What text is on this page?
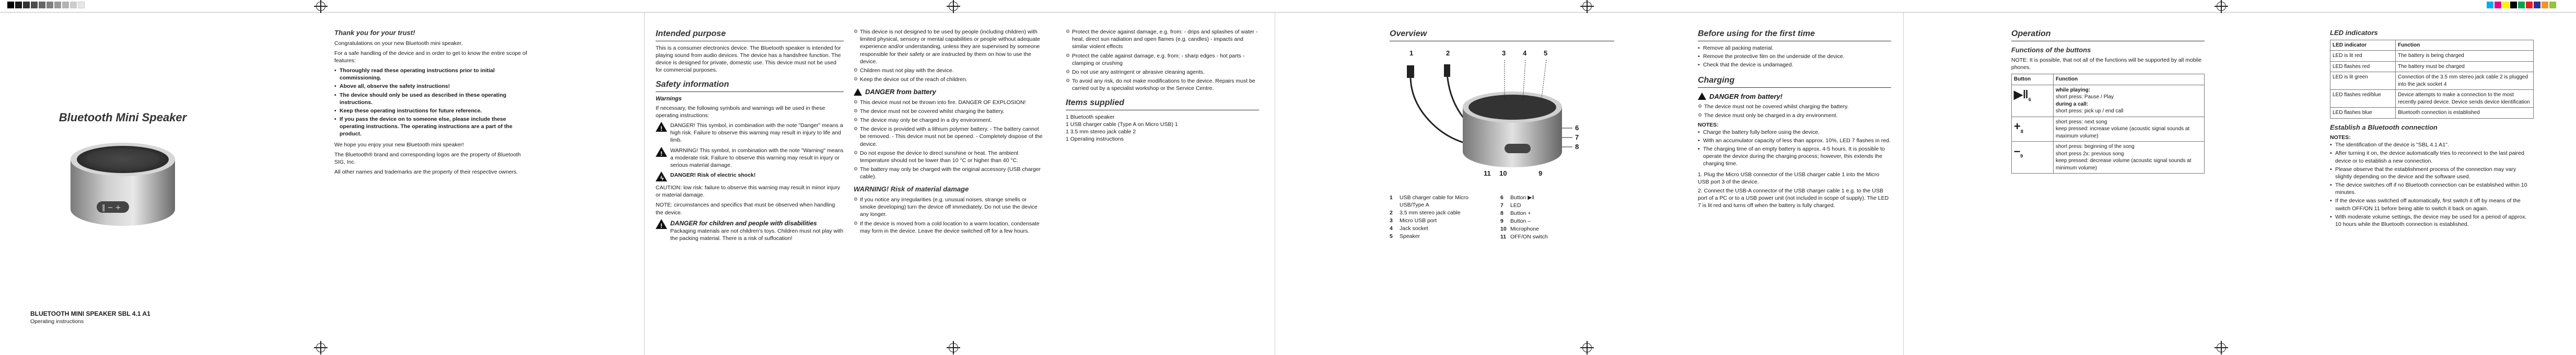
Bluetooth Mini Speaker
‖ − +
BLUETOOTH MINI SPEAKER SBL 4.1 A1
Operating instructions
Intended purpose

This is a consumer electronics device. The Bluetooth speaker is intended for playing sound from audio devices. The device has a handsfree function. The device is designed for private, domestic use. This device must not be used for commercial purposes.

Safety information
Warnings

If necessary, the following symbols and warnings will be used in these operating instructions:

! DANGER! This symbol, in combination with the note "Danger" means a high risk. Failure to observe this warning may result in injury to life and limb.
! WARNING! This symbol, in combination with the note "Warning" means a moderate risk. Failure to observe this warning may result in injury or serious material damage.
ϟ DANGER! Risk of electric shock!

CAUTION: low risk: failure to observe this warning may result in minor injury or material damage.

NOTE: circumstances and specifics that must be observed when handling the device.

! DANGER for children and people with disabilities
Packaging materials are not children's toys. Children must not play with the packing material. There is a risk of suffocation!
⚙ This device is not designed to be used by people (including children) with limited physical, sensory or mental capabilities or people without adequate experience and/or understanding, unless they are supervised by someone responsible for their safety or are instructed by them on how to use the device.
⚙ Children must not play with the device.
⚙ Keep the device out of the reach of children.
DANGER from battery
⚙ This device must not be thrown into fire. DANGER OF EXPLOSION!
⚙ The device must not be covered whilst charging the battery.
⚙ The device may only be charged in a dry environment.
⚙ The device is provided with a lithium polymer battery. - The battery cannot be removed. - This device must not be opened. - Completely dispose of the device.
⚙ Do not expose the device to direct sunshine or heat. The ambient temperature should not be lower than 10 °C or higher than 40 °C.
⚙ The battery may only be charged with the original accessory (USB charger cable).
WARNING! Risk of material damage
⚙ If you notice any irregularities (e.g. unusual noises, strange smells or smoke developing) turn the device off immediately. Do not use the device any longer.
⚙ If the device is moved from a cold location to a warm location, condensate may form in the device. Leave the device switched off for a few hours.
⚙ Protect the device against damage, e.g. from: - drips and splashes of water - heat, direct sun radiation and open flames (e.g. candles) - impacts and similar violent effects
⚙ Protect the cable against damage, e.g. from: - sharp edges - hot parts - clamping or crushing
⚙ Do not use any astringent or abrasive cleaning agents.
⚙ To avoid any risk, do not make modifications to the device. Repairs must be carried out by a specialist workshop or the Service Centre.
Items supplied
1 Bluetooth speaker
1 USB charger cable (Type A on Micro USB) 1
1 3.5 mm stereo jack cable 2
1 Operating instructions
Overview
1	2	3	4	5
6
7
8
9
10
11
1	USB charger cable for Micro USB/Type A
2	3.5 mm stereo jack cable
3	Micro USB port
4	Jack socket
5	Speaker
6	Button ▶‖
7	LED
8	Button +
9	Button –
10 Microphone
11 OFF/ON switch
Before using for the first time
• Remove all packing material.
• Remove the protective film on the underside of the device.
• Check that the device is undamaged.
Charging
DANGER from battery!
⚙ The device must not be covered whilst charging the battery.
⚙ The device must only be charged in a dry environment.
NOTES:
• Charge the battery fully before using the device.
• With an accumulator capacity of less than approx. 10%, LED 7 flashes in red.
• The charging time of an empty battery is approx. 4-5 hours. It is possible to operate the device during the charging process; however, this extends the charging time.
1. Plug the Micro USB connector of the USB charger cable 1 into the Micro USB port 3 of the device.
2. Connect the USB-A connector of the USB charger cable 1 e.g. to the USB port of a PC or to a USB power unit (not included in scope of supply). The LED 7 is lit red and turns off when the battery is fully charged.
Operation
Functions of the buttons

NOTE: It is possible, that not all of the functions will be supported by all mobile phones.

Button	Function
$▶‖_6$	while playing:
short press: Pause / Play
during a call:
short press: pick up / end call

$+_8$	short press: next song
keep pressed: increase volume (acoustic signal sounds at maximum volume)

$-_9$	short press: beginning of the song
short press 2x: previous song
keep pressed: decrease volume (acoustic signal sounds at minimum volume)
LED indicators
LED indicator	Function
LED is lit red	The battery is being charged
LED flashes red	The battery must be charged
LED is lit green	Connection of the 3.5 mm stereo jack cable 2 is plugged into the jack socket 4
LED flashes red/blue	Device attempts to make a connection to the most recently paired device. Device sends device identification
LED flashes blue	Bluetooth connection is established
Establish a Bluetooth connection
NOTES:
• The identification of the device is "SBL 4.1 A1".
• After turning it on, the device automatically tries to reconnect to the last paired device or to establish a new connection.
• Please observe that the establishment process of the connection may vary slightly depending on the device and the software used.
• The device switches off if no Bluetooth connection can be established within 10 minutes.
• If the device was switched off automatically, first switch it off by means of the switch OFF/ON 11 before being able to switch it back on again.
• With moderate volume settings, the device may be used for a period of approx. 10 hours while the Bluetooth connection is established.
Thank you for your trust!

Congratulations on your new Bluetooth mini speaker.

For a safe handling of the device and in order to get to know the entire scope of features:

• Thoroughly read these operating instructions prior to initial commissioning.
• Above all, observe the safety instructions!
• The device should only be used as described in these operating instructions.
• Keep these operating instructions for future reference.
• If you pass the device on to someone else, please include these operating instructions. The operating instructions are a part of the product.

We hope you enjoy your new Bluetooth mini speaker!

The Bluetooth® brand and corresponding logos are the property of Bluetooth SIG, Inc.

All other names and trademarks are the property of their respective owners.
